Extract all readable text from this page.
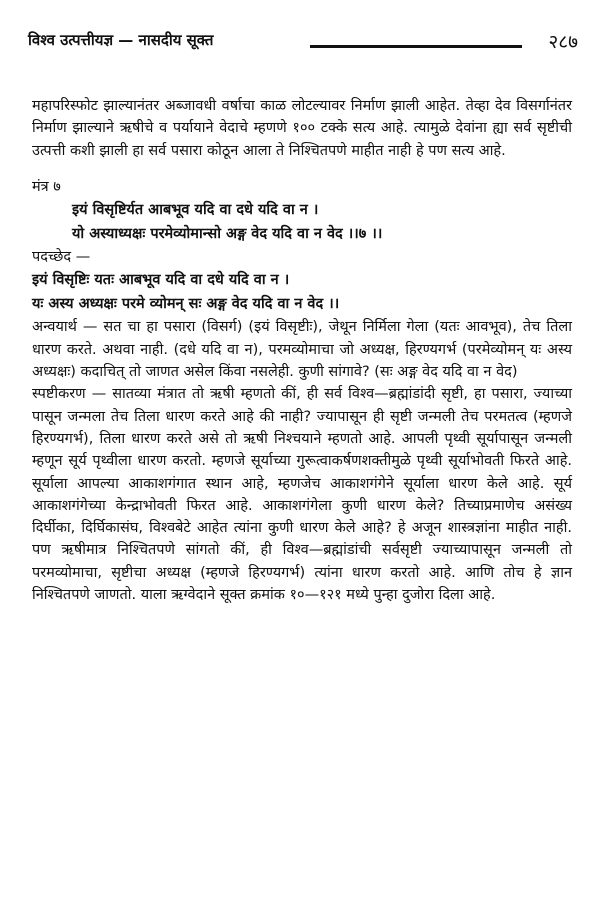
विश्व उत्पत्तीयज्ञ — नासदीय सूक्त	२८७

महापरिस्फोट झाल्यानंतर अब्जावधी वर्षाचा काळ लोटल्यावर निर्माण झाली आहेत. तेव्हा देव विसर्गानंतर निर्माण झाल्याने ऋषीचे व पर्यायाने वेदाचे म्हणणे १०० टक्के सत्य आहे. त्यामुळे देवांना ह्या सर्व सृष्टीची उत्पत्ती कशी झाली हा सर्व पसारा कोठून आला ते निश्चितपणे माहीत नाही हे पण सत्य आहे.

मंत्र ७

इयं विसृष्टिर्यत आबभूव यदि वा दधे यदि वा न ।

यो अस्याध्यक्षः परमेव्योमान्सो अङ्ग वेद यदि वा न वेद ।।७ ।।

पदच्छेद —

इयं विसृष्टिः यतः आबभूव यदि वा दधे यदि वा न ।

यः अस्य अध्यक्षः परमे व्योमन् सः अङ्ग वेद यदि वा न वेद ।।

अन्वयार्थ — सत चा हा पसारा (विसर्ग) (इयं विसृष्टीः), जेथून निर्मिला गेला (यतः आवभूव), तेच तिला धारण करते. अथवा नाही. (दधे यदि वा न), परमव्योमाचा जो अध्यक्ष, हिरण्यगर्भ (परमेव्योमन् यः अस्य अध्यक्षः) कदाचित् तो जाणत असेल किंवा नसलेही. कुणी सांगावे? (सः अङ्ग वेद यदि वा न वेद)

स्पष्टीकरण — सातव्या मंत्रात तो ऋषी म्हणतो कीं, ही सर्व विश्व—ब्रह्मांडांदी सृष्टी, हा पसारा, ज्याच्या पासून जन्मला तेच तिला धारण करते आहे की नाही? ज्यापासून ही सृष्टी जन्मली तेच परमतत्व (म्हणजे हिरण्यगर्भ), तिला धारण करते असे तो ऋषी निश्चयाने म्हणतो आहे. आपली पृथ्वी सूर्यापासून जन्मली म्हणून सूर्य पृथ्वीला धारण करतो. म्हणजे सूर्याच्या गुरूत्वाकर्षणशक्तीमुळे पृथ्वी सूर्याभोवती फिरते आहे. सूर्याला आपल्या आकाशगंगात स्थान आहे, म्हणजेच आकाशगंगेने सूर्याला धारण केले आहे. सूर्य आकाशगंगेच्या केन्द्राभोवती फिरत आहे. आकाशगंगेला कुणी धारण केले? तिच्याप्रमाणेच असंख्य दिर्घीका, दिर्घिकासंघ, विश्वबेटे आहेत त्यांना कुणी धारण केले आहे? हे अजून शास्त्रज्ञांना माहीत नाही. पण ऋषीमात्र निश्चितपणे सांगतो कीं, ही विश्व—ब्रह्मांडांची सर्वसृष्टी ज्याच्यापासून जन्मली तो परमव्योमाचा, सृष्टीचा अध्यक्ष (म्हणजे हिरण्यगर्भ) त्यांना धारण करतो आहे. आणि तोच हे ज्ञान निश्चितपणे जाणतो. याला ऋग्वेदाने सूक्त क्रमांक १०—१२१ मध्ये पुन्हा दुजोरा दिला आहे.
